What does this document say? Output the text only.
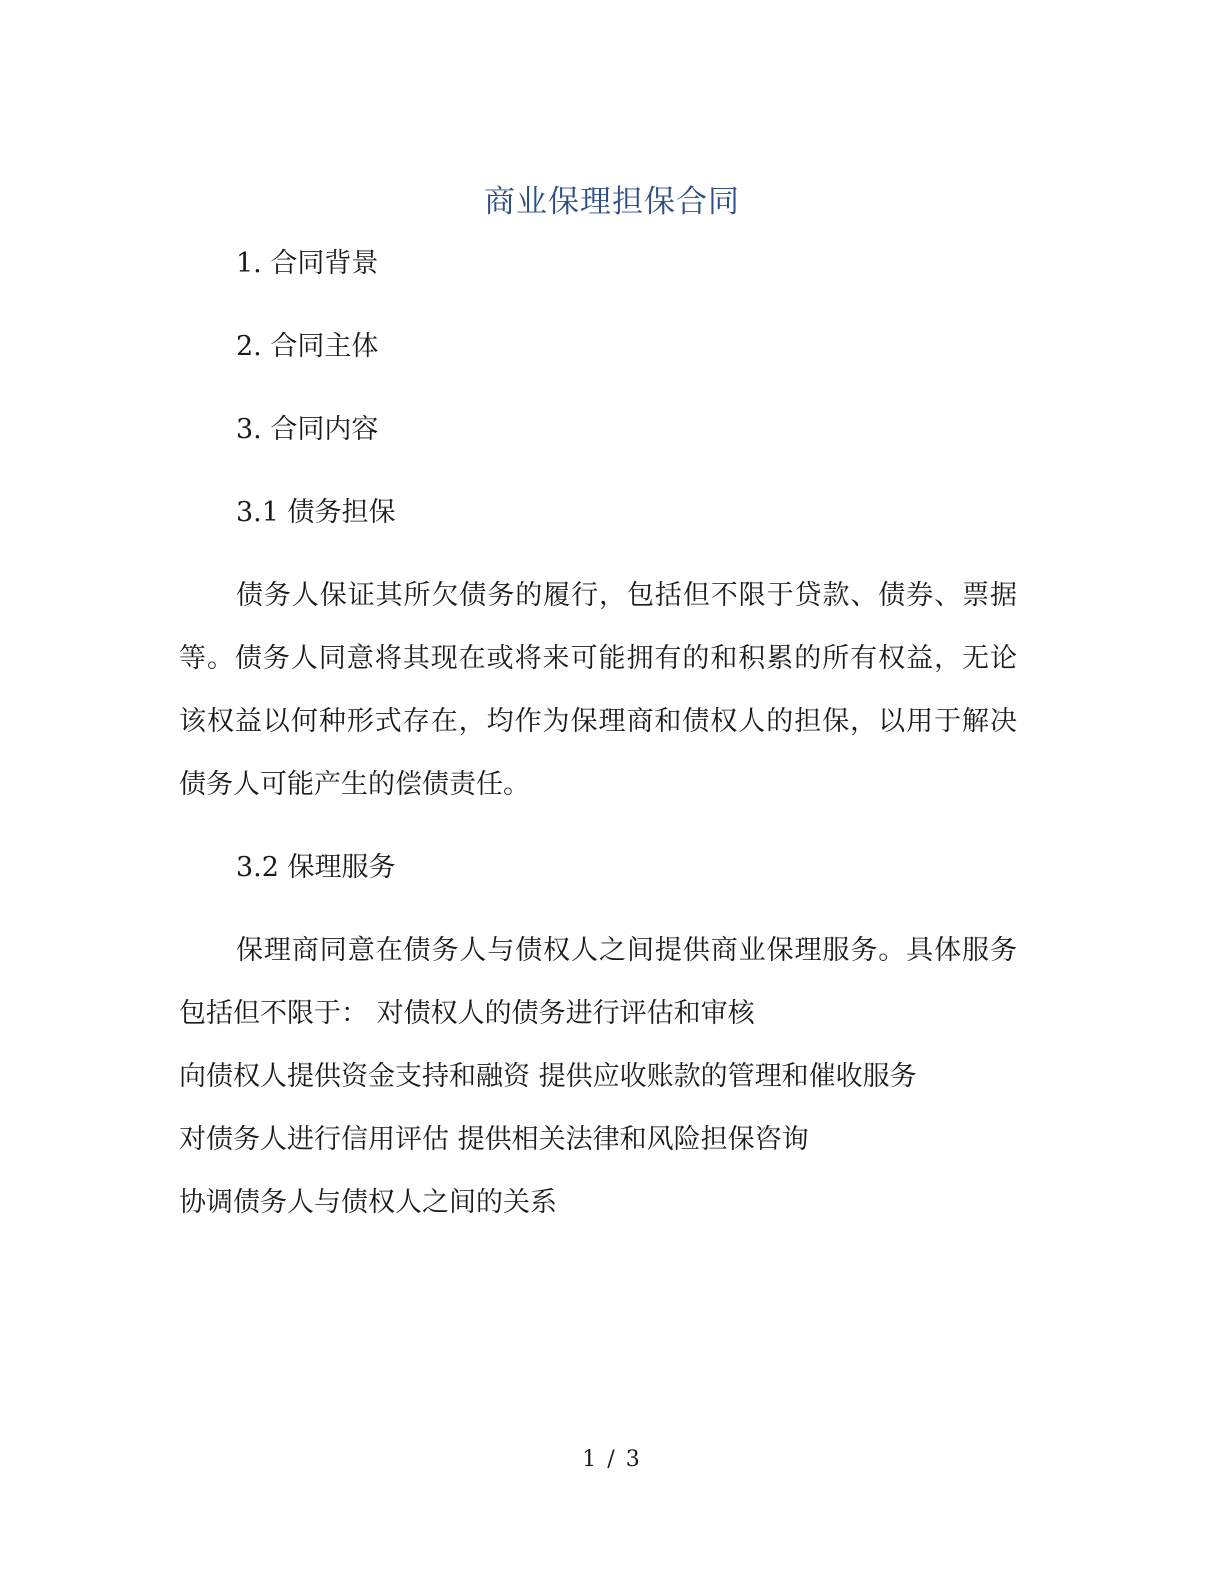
商业保理担保合同
1. 合同背景
2. 合同主体
3. 合同内容
3.1 债务担保
债务人保证其所欠债务的履行，包括但不限于贷款、债券、票据
等。债务人同意将其现在或将来可能拥有的和积累的所有权益，无论
该权益以何种形式存在，均作为保理商和债权人的担保，以用于解决
债务人可能产生的偿债责任。
3.2 保理服务
保理商同意在债务人与债权人之间提供商业保理服务。具体服务
包括但不限于： 对债权人的债务进行评估和审核
向债权人提供资金支持和融资 提供应收账款的管理和催收服务
对债务人进行信用评估 提供相关法律和风险担保咨询
协调债务人与债权人之间的关系
1 / 3
